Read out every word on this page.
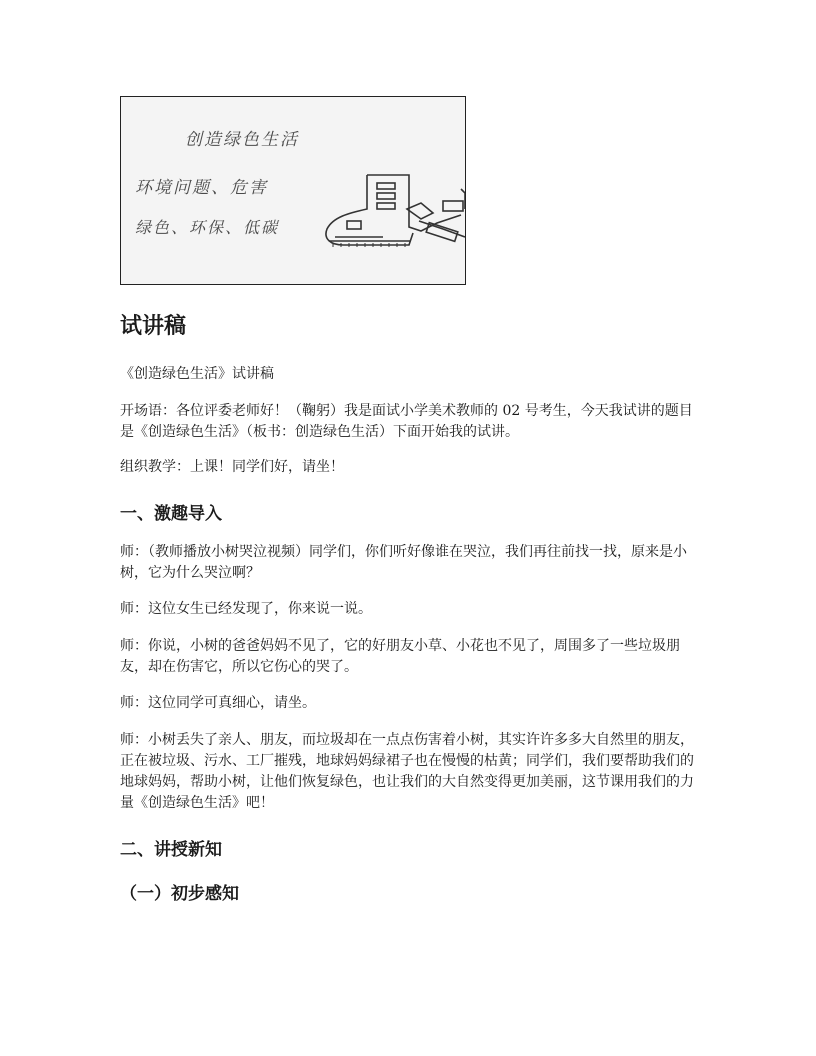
创造绿色生活
环境问题、危害
绿色、环保、低碳
试讲稿

《创造绿色生活》试讲稿

开场语：各位评委老师好！（鞠躬）我是面试小学美术教师的 02 号考生，今天我试讲的题目是《创造绿色生活》（板书：创造绿色生活）下面开始我的试讲。

组织教学：上课！同学们好，请坐！

一、激趣导入

师：（教师播放小树哭泣视频）同学们，你们听好像谁在哭泣，我们再往前找一找，原来是小树，它为什么哭泣啊？

师：这位女生已经发现了，你来说一说。

师：你说，小树的爸爸妈妈不见了，它的好朋友小草、小花也不见了，周围多了一些垃圾朋友，却在伤害它，所以它伤心的哭了。

师：这位同学可真细心，请坐。

师：小树丢失了亲人、朋友，而垃圾却在一点点伤害着小树，其实许许多多大自然里的朋友，正在被垃圾、污水、工厂摧残，地球妈妈绿裙子也在慢慢的枯黄；同学们，我们要帮助我们的地球妈妈，帮助小树，让他们恢复绿色，也让我们的大自然变得更加美丽，这节课用我们的力量《创造绿色生活》吧！

二、讲授新知
（一）初步感知
